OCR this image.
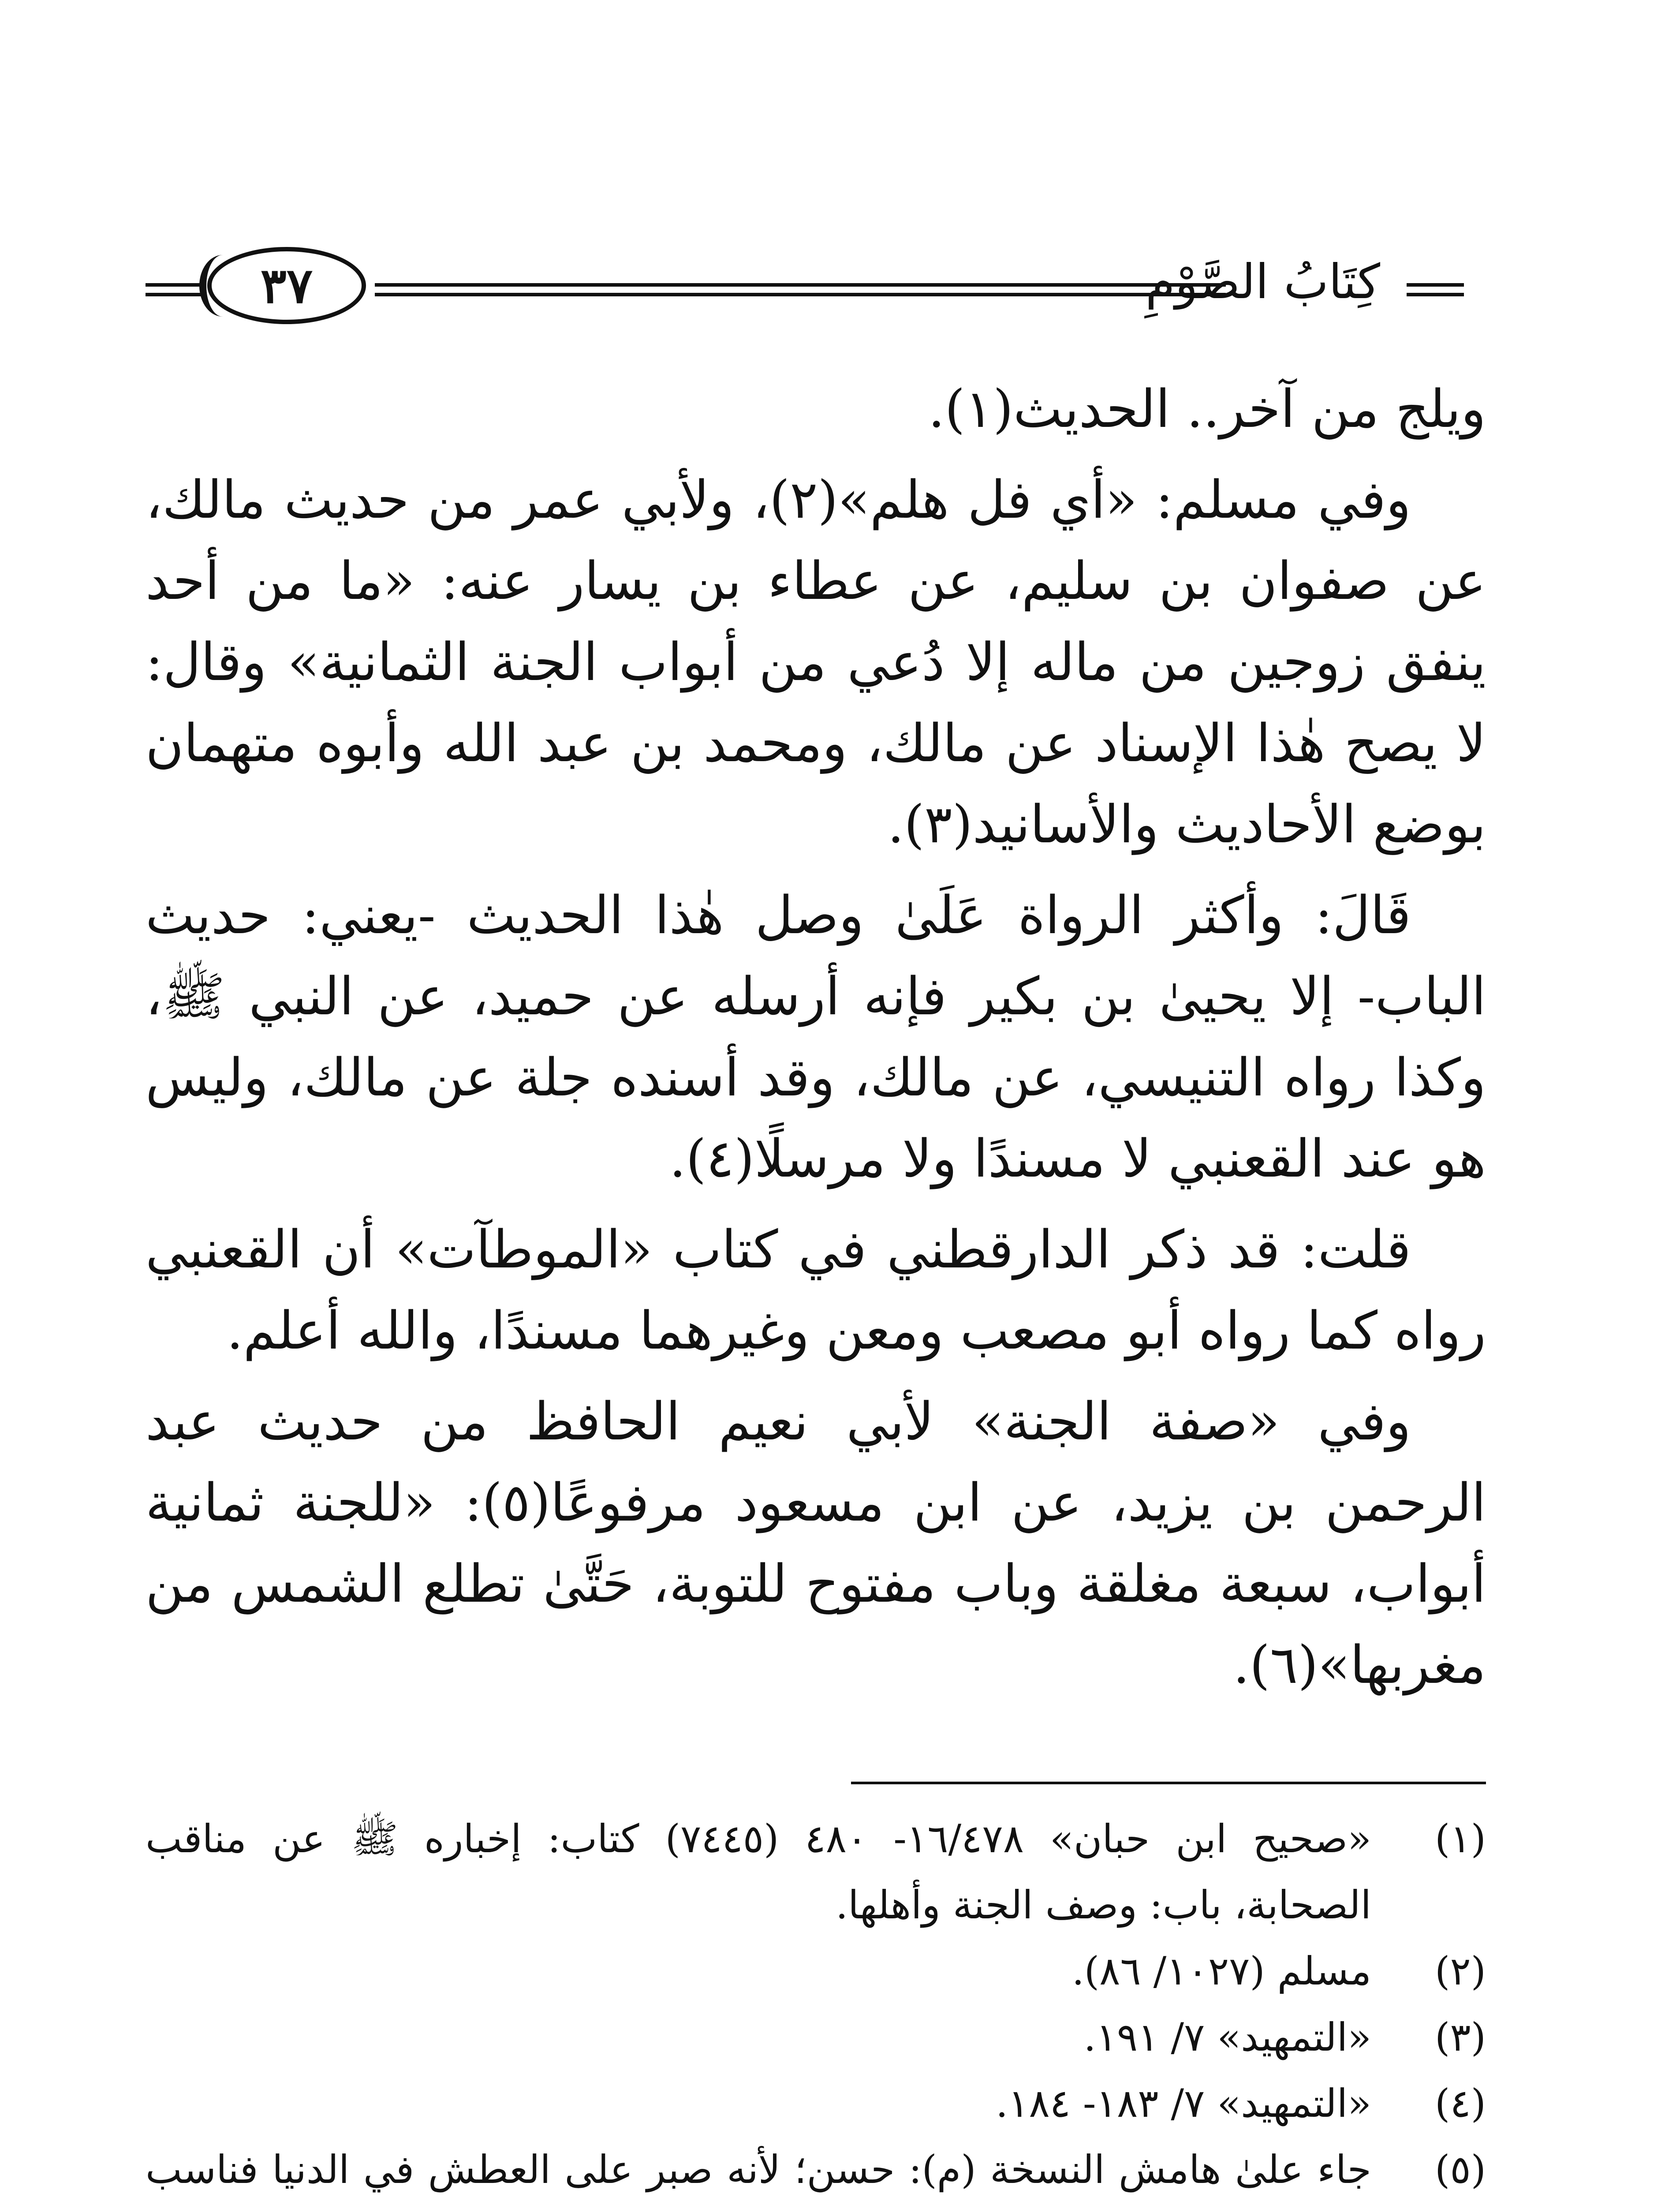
كِتَابُ الصَّوْمِ
٣٧

ويلج من آخر.. الحديث(١).

وفي مسلم: «أي فل هلم»(٢)، ولأبي عمر من حديث مالك، عن صفوان بن سليم، عن عطاء بن يسار عنه: «ما من أحد ينفق زوجين من ماله إلا دُعي من أبواب الجنة الثمانية» وقال: لا يصح هٰذا الإسناد عن مالك، ومحمد بن عبد الله وأبوه متهمان بوضع الأحاديث والأسانيد(٣).

قَالَ: وأكثر الرواة عَلَىٰ وصل هٰذا الحديث -يعني: حديث الباب- إلا يحيىٰ بن بكير فإنه أرسله عن حميد، عن النبي ﷺ، وكذا رواه التنيسي، عن مالك، وقد أسنده جلة عن مالك، وليس هو عند القعنبي لا مسندًا ولا مرسلًا(٤).

قلت: قد ذكر الدارقطني في كتاب «الموطآت» أن القعنبي رواه كما رواه أبو مصعب ومعن وغيرهما مسندًا، والله أعلم.

وفي «صفة الجنة» لأبي نعيم الحافظ من حديث عبد الرحمن بن يزيد، عن ابن مسعود مرفوعًا(٥): «للجنة ثمانية أبواب، سبعة مغلقة وباب مفتوح للتوبة، حَتَّىٰ تطلع الشمس من مغربها»(٦).

(١)
«صحيح ابن حبان» ١٦/٤٧٨- ٤٨٠ (٧٤٤٥) كتاب: إخباره ﷺ عن مناقب الصحابة، باب: وصف الجنة وأهلها.
(٢)
مسلم (١٠٢٧/ ٨٦).
(٣)
«التمهيد» ٧/ ١٩١.
(٤)
«التمهيد» ٧/ ١٨٣- ١٨٤.
(٥)
جاء علىٰ هامش النسخة (م): حسن؛ لأنه صبر على العطش في الدنيا فناسب
